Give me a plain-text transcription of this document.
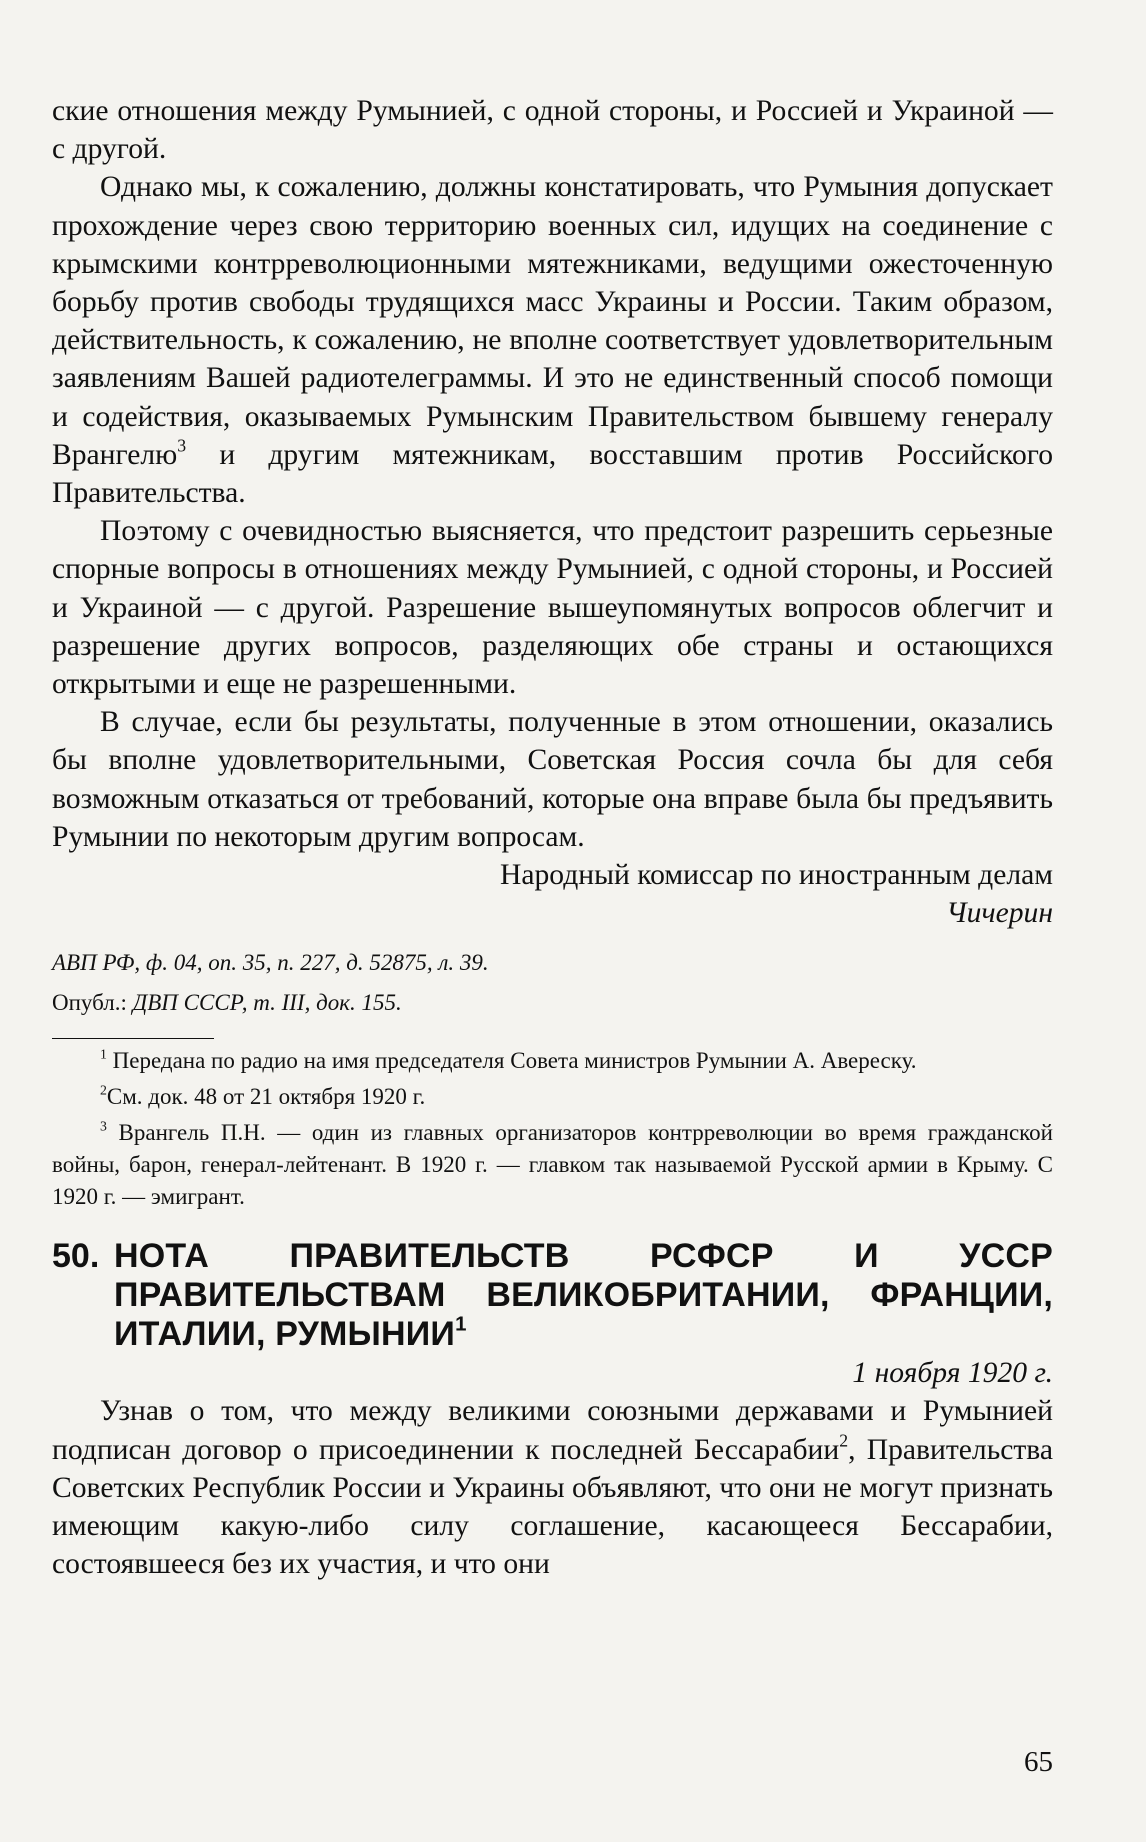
ские отношения между Румынией, с одной стороны, и Россией и Украиной — с другой.

Однако мы, к сожалению, должны констатировать, что Румыния допускает прохождение через свою территорию военных сил, идущих на соединение с крымскими контрреволюционными мятежниками, ведущими ожесточенную борьбу против свободы трудящихся масс Украины и России. Таким образом, действительность, к сожалению, не вполне соответствует удовлетворительным заявлениям Вашей радиотелеграммы. И это не единственный способ помощи и содействия, оказываемых Румынским Правительством бывшему генералу Врангелю$^3$ и другим мятежникам, восставшим против Российского Правительства.

Поэтому с очевидностью выясняется, что предстоит разрешить серьезные спорные вопросы в отношениях между Румынией, с одной стороны, и Россией и Украиной — с другой. Разрешение вышеупомянутых вопросов облегчит и разрешение других вопросов, разделяющих обе страны и остающихся открытыми и еще не разрешенными.

В случае, если бы результаты, полученные в этом отношении, оказались бы вполне удовлетворительными, Советская Россия сочла бы для себя возможным отказаться от требований, которые она вправе была бы предъявить Румынии по некоторым другим вопросам.

Народный комиссар по иностранным делам

Чичерин

АВП РФ, ф. 04, оп. 35, п. 227, д. 52875, л. 39.

Опубл.: ДВП СССР, т. III, док. 155.

$^1$ Передана по радио на имя председателя Совета министров Румынии А. Авереску.

$^2$См. док. 48 от 21 октября 1920 г.

$^3$ Врангель П.Н. — один из главных организаторов контрреволюции во время гражданской войны, барон, генерал-лейтенант. В 1920 г. — главком так называемой Русской армии в Крыму. С 1920 г. — эмигрант.

50. НОТА ПРАВИТЕЛЬСТВ РСФСР И УССР ПРАВИТЕЛЬСТВАМ ВЕЛИКОБРИТАНИИ, ФРАНЦИИ, ИТАЛИИ, РУМЫНИИ$^1$

1 ноября 1920 г.

Узнав о том, что между великими союзными державами и Румынией подписан договор о присоединении к последней Бессарабии$^2$, Правительства Советских Республик России и Украины объявляют, что они не могут признать имеющим какую-либо силу соглашение, касающееся Бессарабии, состоявшееся без их участия, и что они

65
